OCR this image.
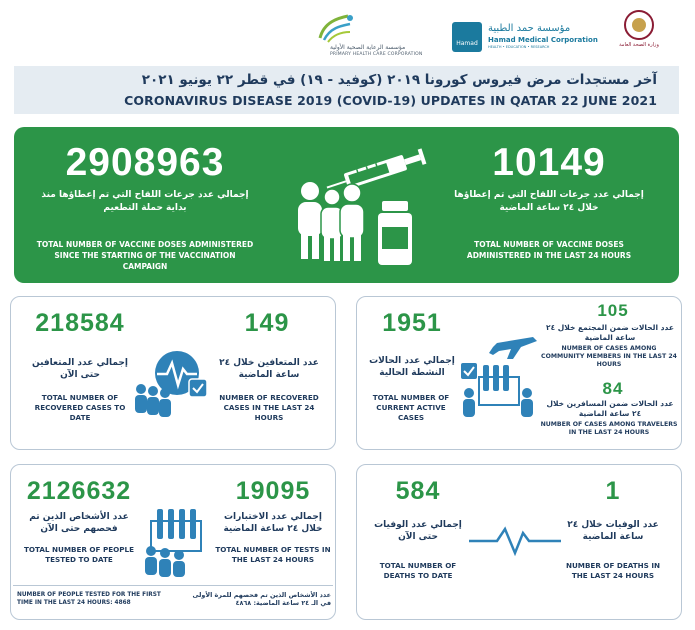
مؤسسة الرعاية الصحية الأولية
PRIMARY HEALTH CARE CORPORATION
Hamad
مؤسسة حمد الطبية
Hamad Medical Corporation
HEALTH • EDUCATION • RESEARCH	وزارة الصحة العامة
آخر مستجدات مرض فيروس كورونا ٢٠١٩ (كوفيد - ١٩) في قطر ٢٢ يونيو ٢٠٢١
CORONAVIRUS DISEASE 2019 (COVID-19) UPDATES IN QATAR 22 JUNE 2021
2908963
إجمالي عدد جرعات اللقاح التي تم إعطاؤها منذ بداية حملة التطعيم
TOTAL NUMBER OF VACCINE DOSES ADMINISTERED SINCE THE STARTING OF THE VACCINATION CAMPAIGN
10149
إجمالي عدد جرعات اللقاح التي تم إعطاؤها خلال ٢٤ ساعة الماضية
TOTAL NUMBER OF VACCINE DOSES ADMINISTERED IN THE LAST 24 HOURS
218584
إجمالي عدد المتعافين حتى الآن
TOTAL NUMBER OF RECOVERED CASES TO DATE
149
عدد المتعافين خلال ٢٤ ساعة الماضية
NUMBER OF RECOVERED CASES IN THE LAST 24 HOURS
1951
إجمالي عدد الحالات النشطة الحالية
TOTAL NUMBER OF CURRENT ACTIVE CASES
105
عدد الحالات ضمن المجتمع خلال ٢٤ ساعة الماضية
NUMBER OF CASES AMONG COMMUNITY MEMBERS IN THE LAST 24 HOURS
84
عدد الحالات ضمن المسافرين خلال ٢٤ ساعة الماضية
NUMBER OF CASES AMONG TRAVELERS IN THE LAST 24 HOURS
2126632
عدد الأشخاص الذين تم فحصهم حتى الآن
TOTAL NUMBER OF PEOPLE TESTED TO DATE
19095
إجمالي عدد الاختبارات خلال ٢٤ ساعة الماضية
TOTAL NUMBER OF TESTS IN THE LAST 24 HOURS
NUMBER OF PEOPLE TESTED FOR THE FIRST TIME IN THE LAST 24 HOURS: 4868
عدد الأشخاص الذين تم فحصهم للمرة الأولى في الـ ٢٤ ساعة الماضية: ٤٨٦٨
584
إجمالي عدد الوفيات حتى الآن
TOTAL NUMBER OF DEATHS TO DATE
1
عدد الوفيات خلال ٢٤ ساعة الماضية
NUMBER OF DEATHS IN THE LAST 24 HOURS
